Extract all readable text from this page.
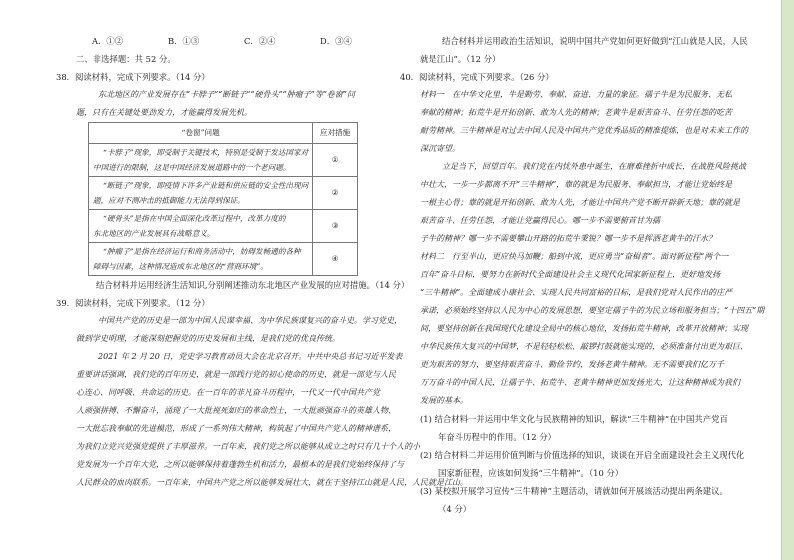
A．①②	B．①③	C．②④	D．③④
二、非选择题：共 52 分。
38．阅读材料，完成下列要求。（14 分）
东北地区的产业发展存在“卡脖子”“断链子”“硬骨头”“肿瘤子”等“卷窗”问
题，只有在关键处要劲发力，才能赢得发展先机。
“卷窗”问题	应对措施

“卡脖子”现象，即受制于关键技术，特别是受制于发达国家对
中国进行的限制，这是中国经济发展道路中的一个老问题。	①

“断链子”现象，即疫情下许多产业链和供应链的安全性出现问
题，应对不测冲击的抵御能力无法得到保证。	②

“硬骨头”是指在中国全面深化改革过程中，改革力度的
东北地区的产业发展具有战略意义。	③

“肿瘤子”是指在经济运行和商务活动中，妨碍发畅通的各种
障碍与因素，这种情况造成东北地区的“营商环境”。	④
结合材料并运用经济生活知识,分别阐述推动东北地区产业发展的应对措施。（14 分）
39．阅读材料，完成下列要求。（12 分）
中国共产党的历史是一部为中国人民谋幸福、为中华民族谋复兴的奋斗史。学习党史，
做到学史明理，才能深刻把握党的历史发展和主线，是我们党的优良传统。
2021 年 2 月 20 日，党史学习教育动员大会在北京召开。中共中央总书记习近平发表
重要讲话强调，我们党的百年历史，就是一部践行党的初心使命的历史，就是一部党与人民
心连心、同呼吸、共命运的历史。在一百年的非凡奋斗历程中，一代又一代中国共产党
人顽强拼搏、不懈奋斗，涌现了一大批视死如归的革命烈士，一大批顽强奋斗的英雄人物、
一大批忘我奉献的先进模范，形成了一系列伟大精神，构筑起了中国共产党人的精神谱系，
为我们立党兴党强党提供了丰厚滋养。一百年来，我们党之所以能够从成立之时只有几十个人的小
党发展为一个百年大党，之所以能够保持着蓬勃生机和活力，最根本的是我们党始终保持了与
人民群众的血肉联系。一百年来，中国共产党之所以能够发展壮大，就在于坚持江山就是人民，人民就是江山。
结合材料并运用政治生活知识，说明中国共产党如何更好做到“江山就是人民，人民
就是江山”。（12 分）
40．阅读材料，完成下列要求。（26 分）
材料一　在中华文化里，牛是勤劳、奉献、奋进、力量的象征。孺子牛是为民服务、无私
奉献的精神；拓荒牛是开拓创新、敢为人先的精神；老黄牛是艰苦奋斗、任劳任怨的吃苦
耐劳精神。三牛精神是对过去中国人民及中国共产党优秀品质的精准提炼，也是对未来工作的
深沉寄望。
立足当下，回望百年。我们党在内忧外患中诞生，在磨难挫折中成长，在战胜风险挑战
中壮大，一步一步都离不开“三牛精神”，靠的就是为民服务、奉献担当，才能让党始终是
一根主心骨；靠的就是开拓创新、敢为人先，才能让中国共产党不断开辟新天地；靠的就是
艰苦奋斗、任劳任怨，才能让党赢得民心。哪一步不需要俯首甘为孺
子牛的精神？哪一步不需要攀山开路的拓荒牛秉锐？哪一步不是挥洒老黄牛的汗水？
材料二　行至半山，更应快马加鞭；船到中流，更应勇当“奋楫者”。面对新征程“两个一
百年”奋斗目标，要努力在新时代全面建设社会主义现代化国家新征程上，更好地发扬
“三牛精神”。全面建成小康社会、实现人民共同富裕的目标，是我们党对人民作出的庄严
承诺，必须始终坚持以人民为中心的发展思想，要坚定孺子牛的为民立场和服务担当；“十四五”期
间，要坚持创新在我国现代化建设全局中的核心地位，发扬拓荒牛精神，改革开放精神；实现
中华民族伟大复兴的中国梦，不是轻轻松松、敲锣打鼓就能实现的，必须准备付出更为艰巨、
更为艰苦的努力，要坚持艰苦奋斗、勤俭节约，发扬老黄牛精神。无不需要我们亿万千
万万奋斗的中国人民，让孺子牛、拓荒牛、老黄牛精神更加发扬光大，让这种精神成为我们
发展的基本。
(1) 结合材料一并运用中华文化与民族精神的知识，解读“三牛精神”在中国共产党百
年奋斗历程中的作用。（12 分）
(2) 结合材料二并运用价值判断与价值选择的知识，谈谈在开启全面建设社会主义现代化
国家新征程，应该如何发扬“三牛精神”。（10 分）
(3) 某校拟开展学习宣传“三牛精神”主题活动，请就如何开展该活动提出两条建议。
（4 分）
